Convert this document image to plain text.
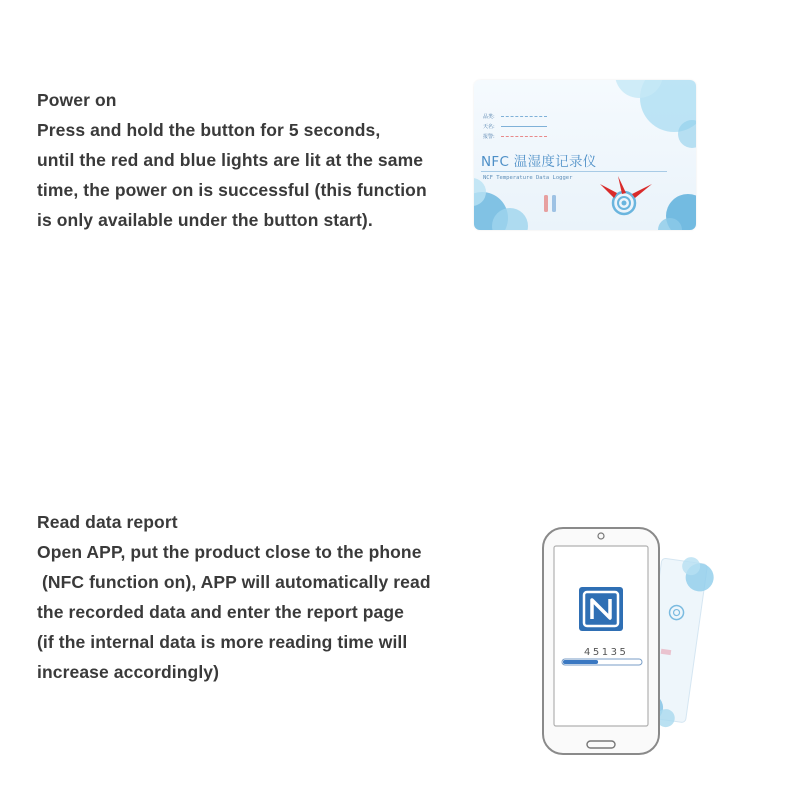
Power on
Press and hold the button for 5 seconds,
until the red and blue lights are lit at the same
time, the power on is successful (this function
is only available under the button start).
品类:
天名:
报警:
NFC 温湿度记录仪
NCF Temperature Data Logger
Read data report
Open APP, put the product close to the phone
(NFC function on), APP will automatically read
the recorded data and enter the report page
(if the internal data is more reading time will
increase accordingly)
45135
